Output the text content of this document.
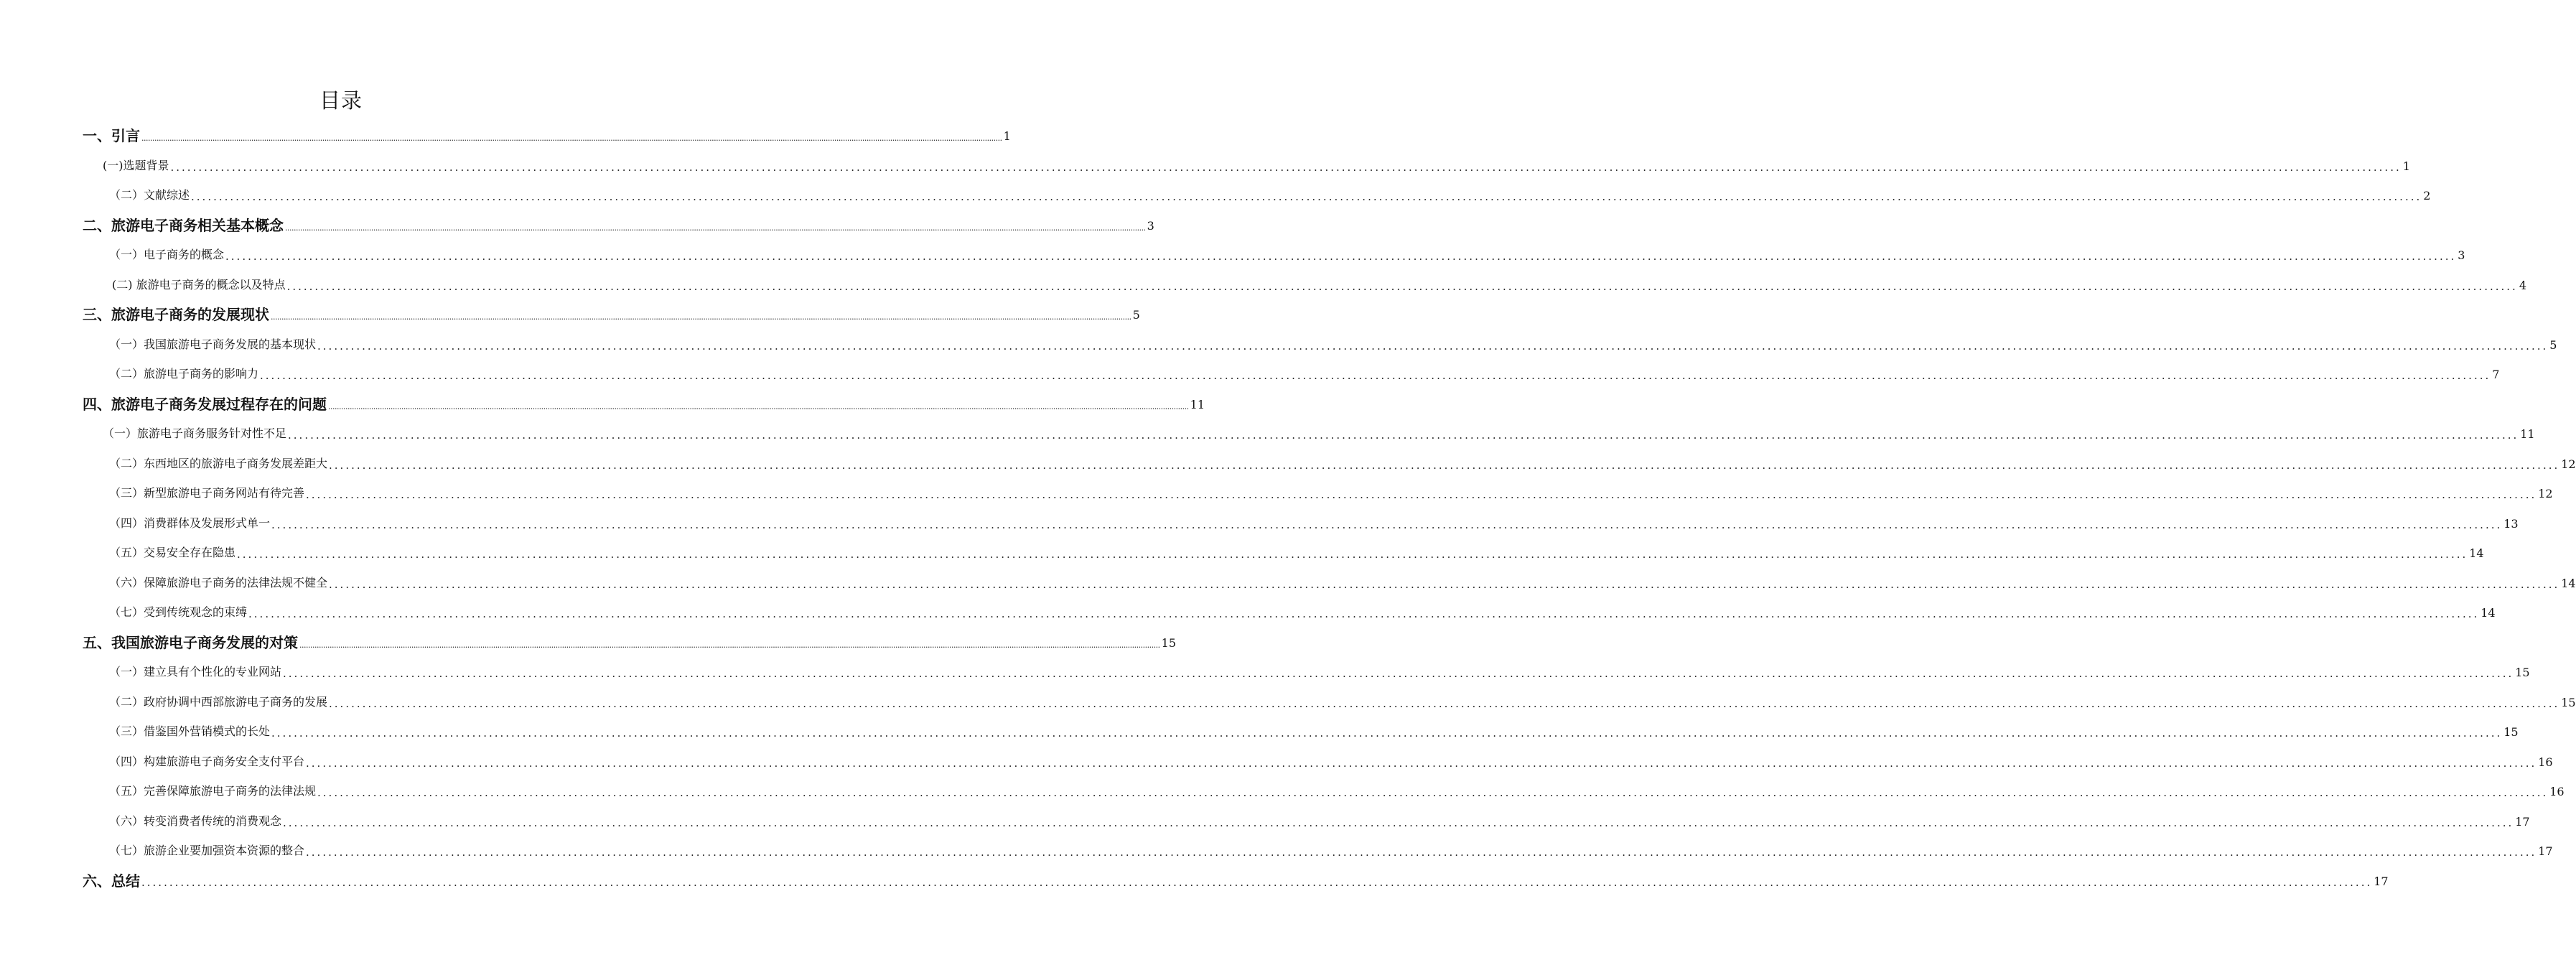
目录
一、引言 ................................................................................................................................................................................................................................................................................................................................................................................................................ 1
(一)选题背景 ................................................................................................................................................................................................................................................................................................................................................................................................................ 1
（二）文献综述 ................................................................................................................................................................................................................................................................................................................................................................................................................ 2
二、旅游电子商务相关基本概念 ................................................................................................................................................................................................................................................................................................................................................................................................................ 3
（一）电子商务的概念 ................................................................................................................................................................................................................................................................................................................................................................................................................ 3
(二) 旅游电子商务的概念以及特点 ................................................................................................................................................................................................................................................................................................................................................................................................................ 4
三、旅游电子商务的发展现状 ................................................................................................................................................................................................................................................................................................................................................................................................................ 5
（一）我国旅游电子商务发展的基本现状 ................................................................................................................................................................................................................................................................................................................................................................................................................ 5
（二）旅游电子商务的影响力 ................................................................................................................................................................................................................................................................................................................................................................................................................ 7
四、旅游电子商务发展过程存在的问题 ................................................................................................................................................................................................................................................................................................................................................................................................................ 11
（一）旅游电子商务服务针对性不足 ................................................................................................................................................................................................................................................................................................................................................................................................................ 11
（二）东西地区的旅游电子商务发展差距大 ................................................................................................................................................................................................................................................................................................................................................................................................................ 12
（三）新型旅游电子商务网站有待完善 ................................................................................................................................................................................................................................................................................................................................................................................................................ 12
（四）消费群体及发展形式单一 ................................................................................................................................................................................................................................................................................................................................................................................................................ 13
（五）交易安全存在隐患 ................................................................................................................................................................................................................................................................................................................................................................................................................ 14
（六）保障旅游电子商务的法律法规不健全 ................................................................................................................................................................................................................................................................................................................................................................................................................ 14
（七）受到传统观念的束缚 ................................................................................................................................................................................................................................................................................................................................................................................................................ 14
五、我国旅游电子商务发展的对策 ................................................................................................................................................................................................................................................................................................................................................................................................................ 15
（一）建立具有个性化的专业网站 ................................................................................................................................................................................................................................................................................................................................................................................................................ 15
（二）政府协调中西部旅游电子商务的发展 ................................................................................................................................................................................................................................................................................................................................................................................................................ 15
（三）借鉴国外营销模式的长处 ................................................................................................................................................................................................................................................................................................................................................................................................................ 15
（四）构建旅游电子商务安全支付平台 ................................................................................................................................................................................................................................................................................................................................................................................................................ 16
（五）完善保障旅游电子商务的法律法规 ................................................................................................................................................................................................................................................................................................................................................................................................................ 16
（六）转变消费者传统的消费观念 ................................................................................................................................................................................................................................................................................................................................................................................................................ 17
（七）旅游企业要加强资本资源的整合 ................................................................................................................................................................................................................................................................................................................................................................................................................ 17
六、总结 ................................................................................................................................................................................................................................................................................................................................................................................................................ 17
